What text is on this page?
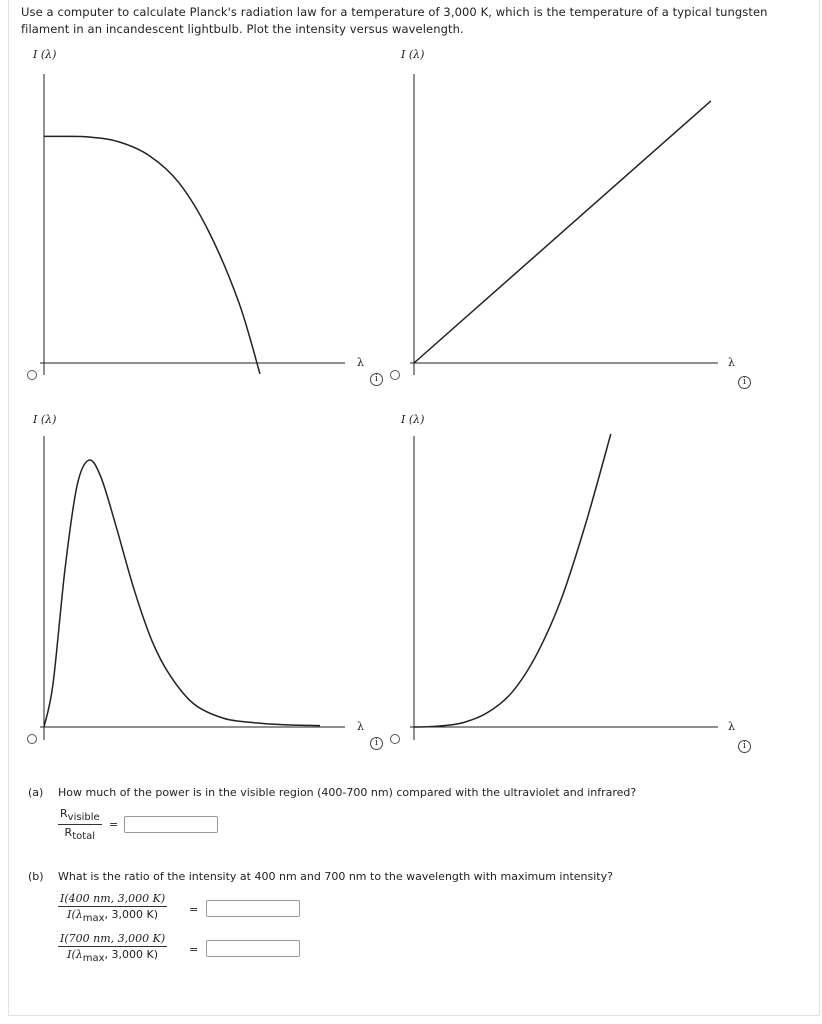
Use a computer to calculate Planck's radiation law for a temperature of 3,000 K, which is the temperature of a typical tungsten filament in an incandescent lightbulb. Plot the intensity versus wavelength.
I (λ)
λ
i
I (λ)
λ
i
I (λ)
λ
i
I (λ)
λ
i
(a) How much of the power is in the visible region (400-700 nm) compared with the ultraviolet and infrared?
$R_{visible}$
$R_{total}$
=
(b) What is the ratio of the intensity at 400 nm and 700 nm to the wavelength with maximum intensity?
I(400 nm, 3,000 K)
$I(\lambda_{max}$, 3,000 K)	=
I(700 nm, 3,000 K)
$I(\lambda_{max}$, 3,000 K)	=
